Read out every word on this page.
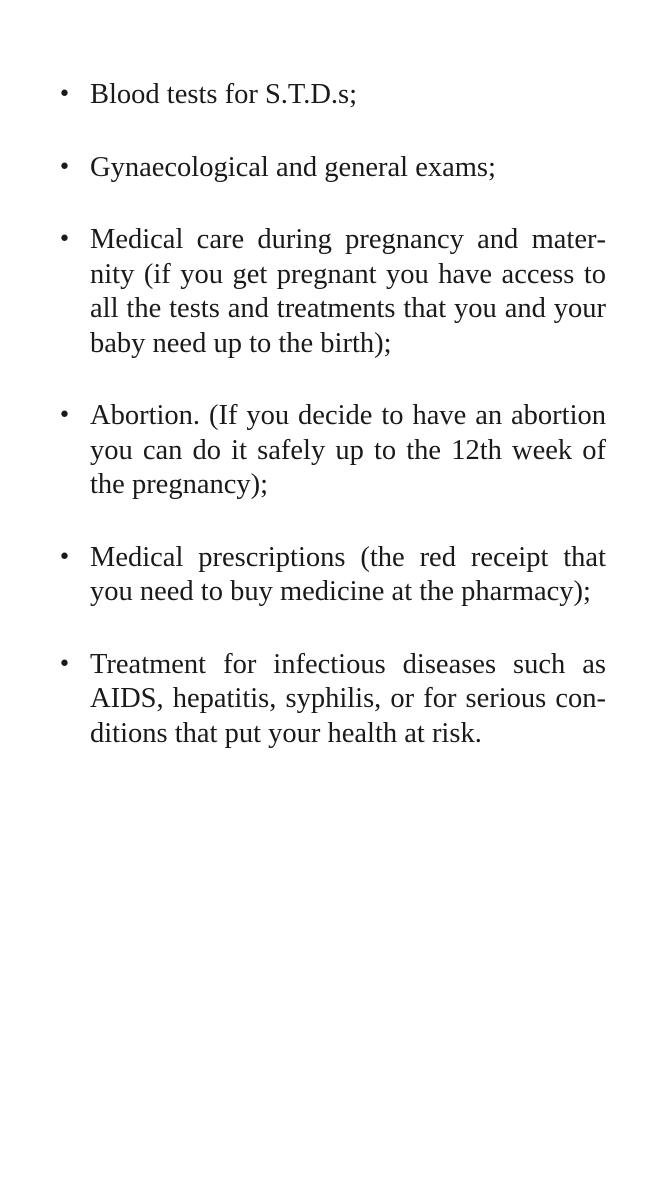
• Blood tests for S.T.D.s;
• Gynaecological and general exams;
• Medical care during pregnancy and maternity (if you get pregnant you have access to all the tests and treatments that you and your baby need up to the birth);
• Abortion. (If you decide to have an abortion you can do it safely up to the 12th week of the pregnancy);
• Medical prescriptions (the red receipt that you need to buy medicine at the pharmacy);
• Treatment for infectious diseases such as AIDS, hepatitis, syphilis, or for serious conditions that put your health at risk.
